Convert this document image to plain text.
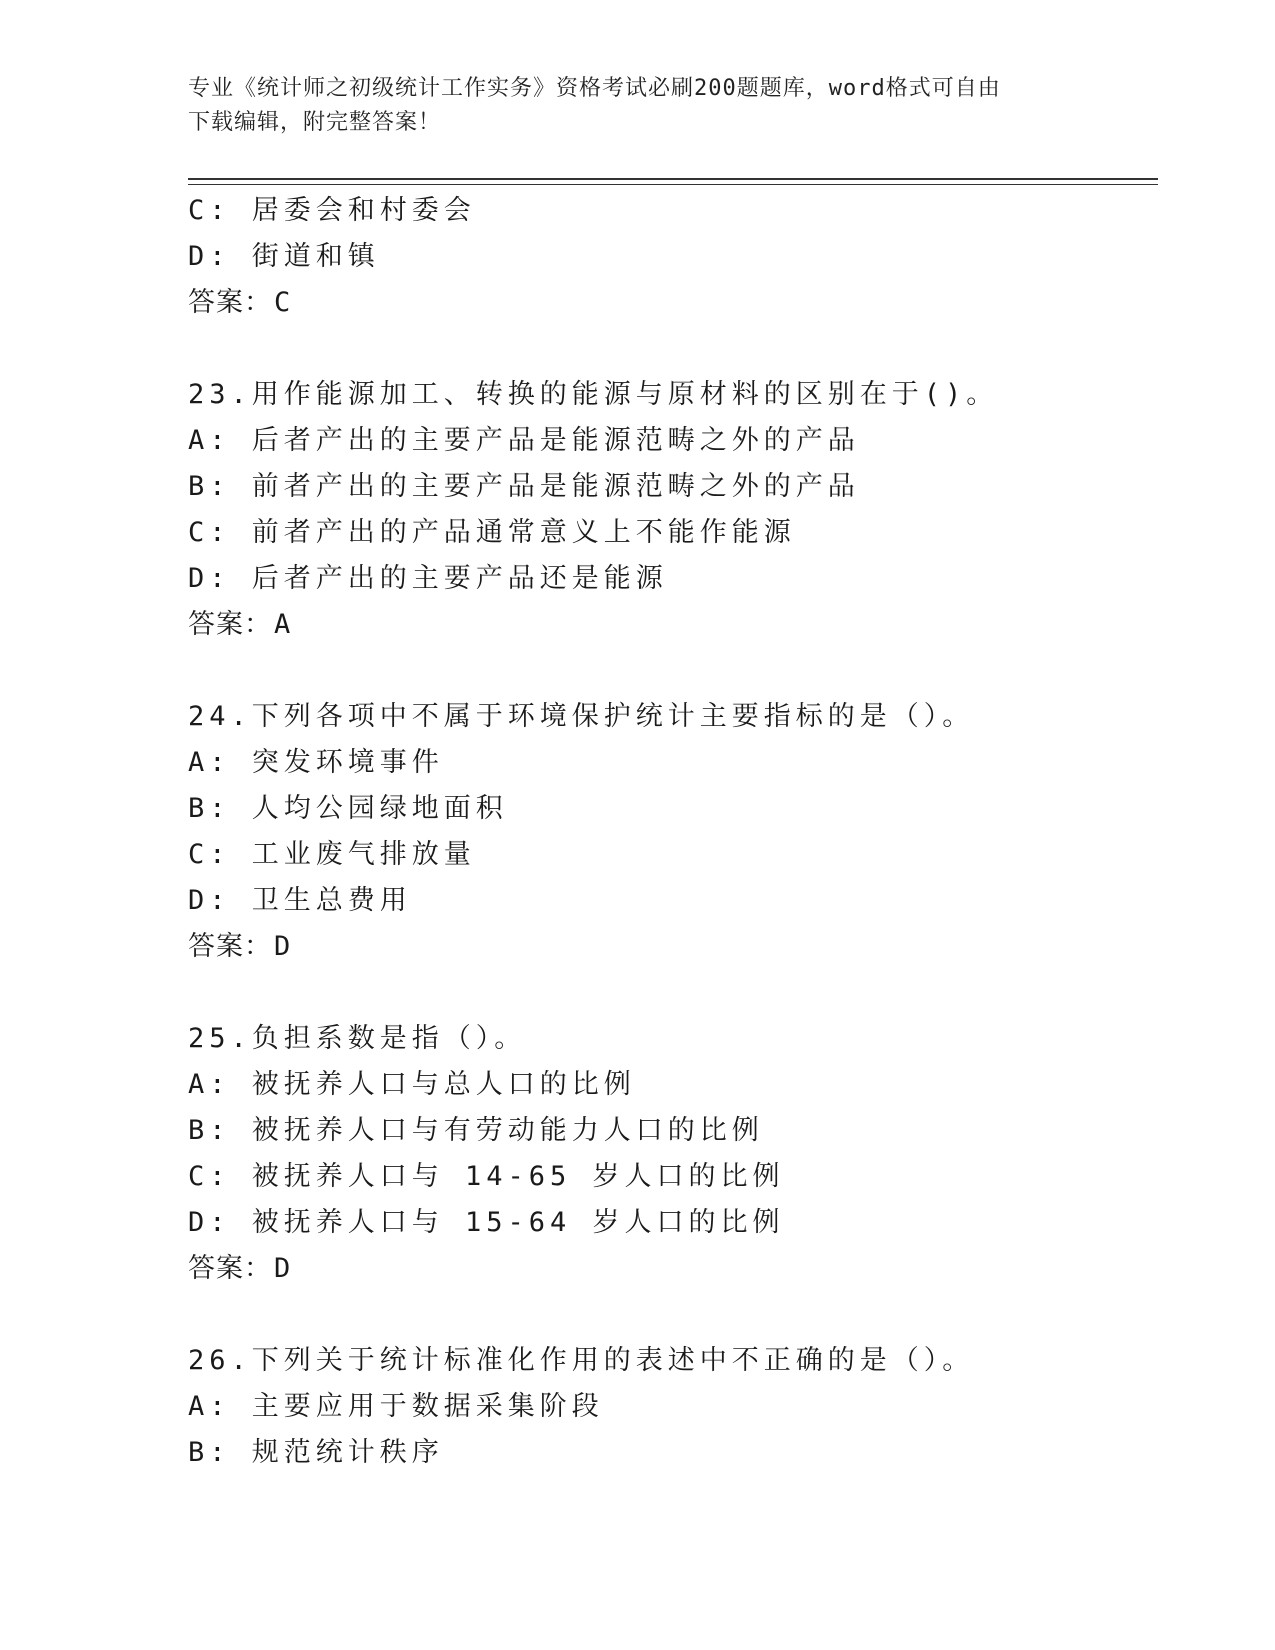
专业《统计师之初级统计工作实务》资格考试必刷200题题库，word格式可自由
下载编辑，附完整答案！
C: 居委会和村委会
D: 街道和镇
答案：C
23.用作能源加工、转换的能源与原材料的区别在于()。
A: 后者产出的主要产品是能源范畴之外的产品
B: 前者产出的主要产品是能源范畴之外的产品
C: 前者产出的产品通常意义上不能作能源
D: 后者产出的主要产品还是能源
答案：A
24.下列各项中不属于环境保护统计主要指标的是（）。
A: 突发环境事件
B: 人均公园绿地面积
C: 工业废气排放量
D: 卫生总费用
答案：D
25.负担系数是指（）。
A: 被抚养人口与总人口的比例
B: 被抚养人口与有劳动能力人口的比例
C: 被抚养人口与 14-65 岁人口的比例
D: 被抚养人口与 15-64 岁人口的比例
答案：D
26.下列关于统计标准化作用的表述中不正确的是（）。
A: 主要应用于数据采集阶段
B: 规范统计秩序
